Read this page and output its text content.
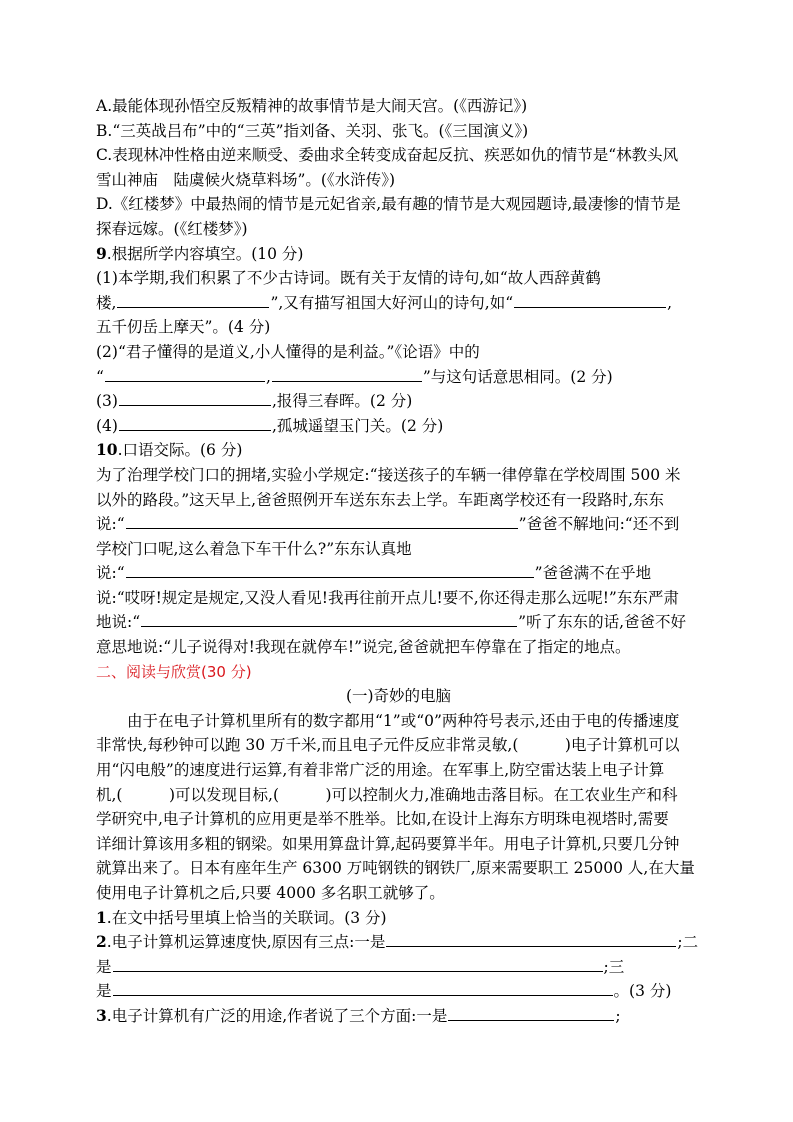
A.最能体现孙悟空反叛精神的故事情节是大闹天宫。(《西游记》)
B.“三英战吕布”中的“三英”指刘备、关羽、张飞。(《三国演义》)
C.表现林冲性格由逆来顺受、委曲求全转变成奋起反抗、疾恶如仇的情节是“林教头风
雪山神庙　陆虞候火烧草料场”。(《水浒传》)
D.《红楼梦》中最热闹的情节是元妃省亲,最有趣的情节是大观园题诗,最凄惨的情节是
探春远嫁。(《红楼梦》)
9.根据所学内容填空。(10 分)
(1)本学期,我们积累了不少古诗词。既有关于友情的诗句,如“故人西辞黄鹤
楼,	”,又有描写祖国大好河山的诗句,如“	,
五千仞岳上摩天”。(4 分)
(2)“君子懂得的是道义,小人懂得的是利益。”《论语》中的
“	,	”与这句话意思相同。(2 分)
(3)	,报得三春晖。(2 分)
(4)	,孤城遥望玉门关。(2 分)
10.口语交际。(6 分)
为了治理学校门口的拥堵,实验小学规定:“接送孩子的车辆一律停靠在学校周围 500 米
以外的路段。”这天早上,爸爸照例开车送东东去上学。车距离学校还有一段路时,东东
说:“	”爸爸不解地问:“还不到
学校门口呢,这么着急下车干什么?”东东认真地
说:“	”爸爸满不在乎地
说:“哎呀!规定是规定,又没人看见!我再往前开点儿!要不,你还得走那么远呢!”东东严肃
地说:“	”听了东东的话,爸爸不好
意思地说:“儿子说得对!我现在就停车!”说完,爸爸就把车停靠在了指定的地点。
二、阅读与欣赏(30 分)
(一)奇妙的电脑
由于在电子计算机里所有的数字都用“1”或“0”两种符号表示,还由于电的传播速度
非常快,每秒钟可以跑 30 万千米,而且电子元件反应非常灵敏,(　　　)电子计算机可以
用“闪电般”的速度进行运算,有着非常广泛的用途。在军事上,防空雷达装上电子计算
机,(　　　)可以发现目标,(　　　)可以控制火力,准确地击落目标。在工农业生产和科
学研究中,电子计算机的应用更是举不胜举。比如,在设计上海东方明珠电视塔时,需要
详细计算该用多粗的钢梁。如果用算盘计算,起码要算半年。用电子计算机,只要几分钟
就算出来了。日本有座年生产 6300 万吨钢铁的钢铁厂,原来需要职工 25000 人,在大量
使用电子计算机之后,只要 4000 多名职工就够了。
1.在文中括号里填上恰当的关联词。(3 分)
2.电子计算机运算速度快,原因有三点:一是	;二
是	;三
是	。(3 分)
3.电子计算机有广泛的用途,作者说了三个方面:一是	;
